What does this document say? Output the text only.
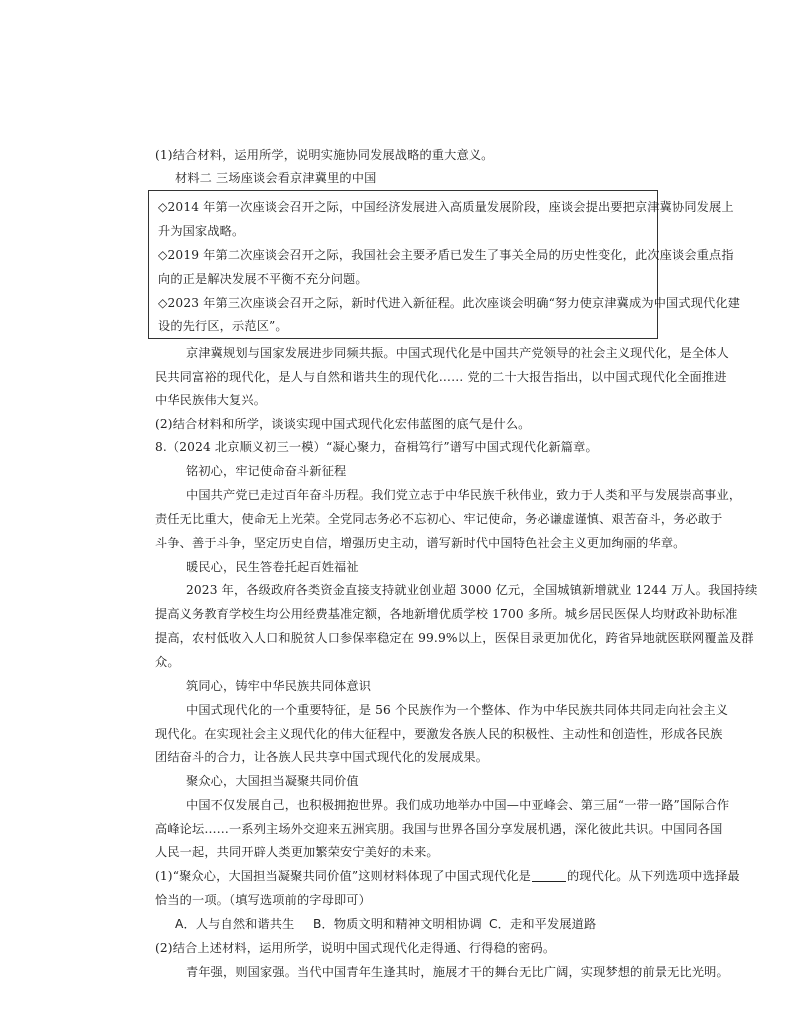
(1)结合材料，运用所学，说明实施协同发展战略的重大意义。
材料二 三场座谈会看京津冀里的中国
◇2014 年第一次座谈会召开之际，中国经济发展进入高质量发展阶段，座谈会提出要把京津冀协同发展上
升为国家战略。
◇2019 年第二次座谈会召开之际，我国社会主要矛盾已发生了事关全局的历史性变化，此次座谈会重点指
向的正是解决发展不平衡不充分问题。
◇2023 年第三次座谈会召开之际，新时代进入新征程。此次座谈会明确“努力使京津冀成为中国式现代化建
设的先行区，示范区”。
京津冀规划与国家发展进步同频共振。中国式现代化是中国共产党领导的社会主义现代化，是全体人
民共同富裕的现代化，是人与自然和谐共生的现代化…… 党的二十大报告指出，以中国式现代化全面推进
中华民族伟大复兴。
(2)结合材料和所学，谈谈实现中国式现代化宏伟蓝图的底气是什么。
8.（2024 北京顺义初三一模）“凝心聚力，奋楫笃行”谱写中国式现代化新篇章。
铭初心，牢记使命奋斗新征程
中国共产党已走过百年奋斗历程。我们党立志于中华民族千秋伟业，致力于人类和平与发展崇高事业，
责任无比重大，使命无上光荣。全党同志务必不忘初心、牢记使命，务必谦虚谨慎、艰苦奋斗，务必敢于
斗争、善于斗争，坚定历史自信，增强历史主动，谱写新时代中国特色社会主义更加绚丽的华章。
暖民心，民生答卷托起百姓福祉
2023 年，各级政府各类资金直接支持就业创业超 3000 亿元，全国城镇新增就业 1244 万人。我国持续
提高义务教育学校生均公用经费基准定额，各地新增优质学校 1700 多所。城乡居民医保人均财政补助标准
提高，农村低收入人口和脱贫人口参保率稳定在 99.9%以上，医保目录更加优化，跨省异地就医联网覆盖及群
众。
筑同心，铸牢中华民族共同体意识
中国式现代化的一个重要特征，是 56 个民族作为一个整体、作为中华民族共同体共同走向社会主义
现代化。在实现社会主义现代化的伟大征程中，要激发各族人民的积极性、主动性和创造性，形成各民族
团结奋斗的合力，让各族人民共享中国式现代化的发展成果。
聚众心，大国担当凝聚共同价值
中国不仅发展自己，也积极拥抱世界。我们成功地举办中国—中亚峰会、第三届“一带一路”国际合作
高峰论坛……一系列主场外交迎来五洲宾朋。我国与世界各国分享发展机遇，深化彼此共识。中国同各国
人民一起，共同开辟人类更加繁荣安宁美好的未来。
(1)“聚众心，大国担当凝聚共同价值”这则材料体现了中国式现代化是	的现代化。从下列选项中选择最
恰当的一项。（填写选项前的字母即可）
A．人与自然和谐共生 B．物质文明和精神文明相协调 C．走和平发展道路
(2)结合上述材料，运用所学，说明中国式现代化走得通、行得稳的密码。
青年强，则国家强。当代中国青年生逢其时，施展才干的舞台无比广阔，实现梦想的前景无比光明。
